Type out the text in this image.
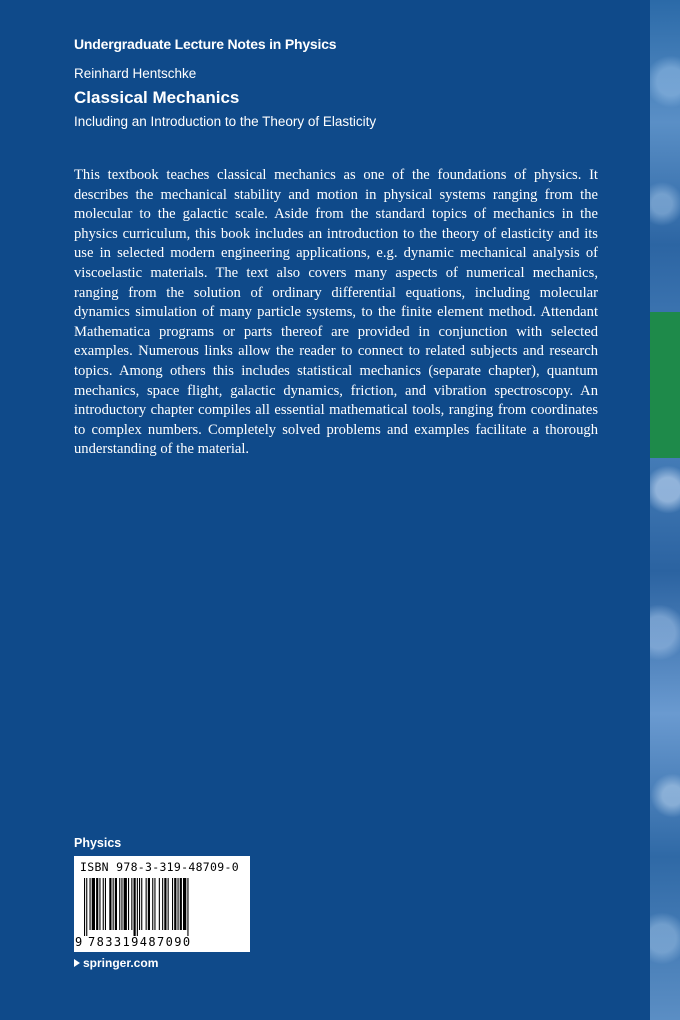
Undergraduate Lecture Notes in Physics
Reinhard Hentschke
Classical Mechanics
Including an Introduction to the Theory of Elasticity

This textbook teaches classical mechanics as one of the foundations of physics. It describes the mechanical stability and motion in physical systems ranging from the molecular to the galactic scale. Aside from the standard topics of mechanics in the physics curriculum, this book includes an introduction to the theory of elasticity and its use in selected modern engineering applications, e.g. dynamic mechanical analysis of viscoelastic materials. The text also covers many aspects of numerical mechanics, ranging from the solution of ordinary differential equations, including molecular dynamics simulation of many particle systems, to the finite element method. Attendant Mathematica programs or parts thereof are provided in conjunction with selected examples. Numerous links allow the reader to connect to related subjects and research topics. Among others this includes statistical mechanics (separate chapter), quantum mechanics, space flight, galactic dynamics, friction, and vibration spectroscopy. An introductory chapter compiles all essential mathematical tools, ranging from coordinates to complex numbers. Completely solved problems and examples facilitate a thorough understanding of the material.

Physics
ISBN 978-3-319-48709-0
9 783319487090
springer.com
